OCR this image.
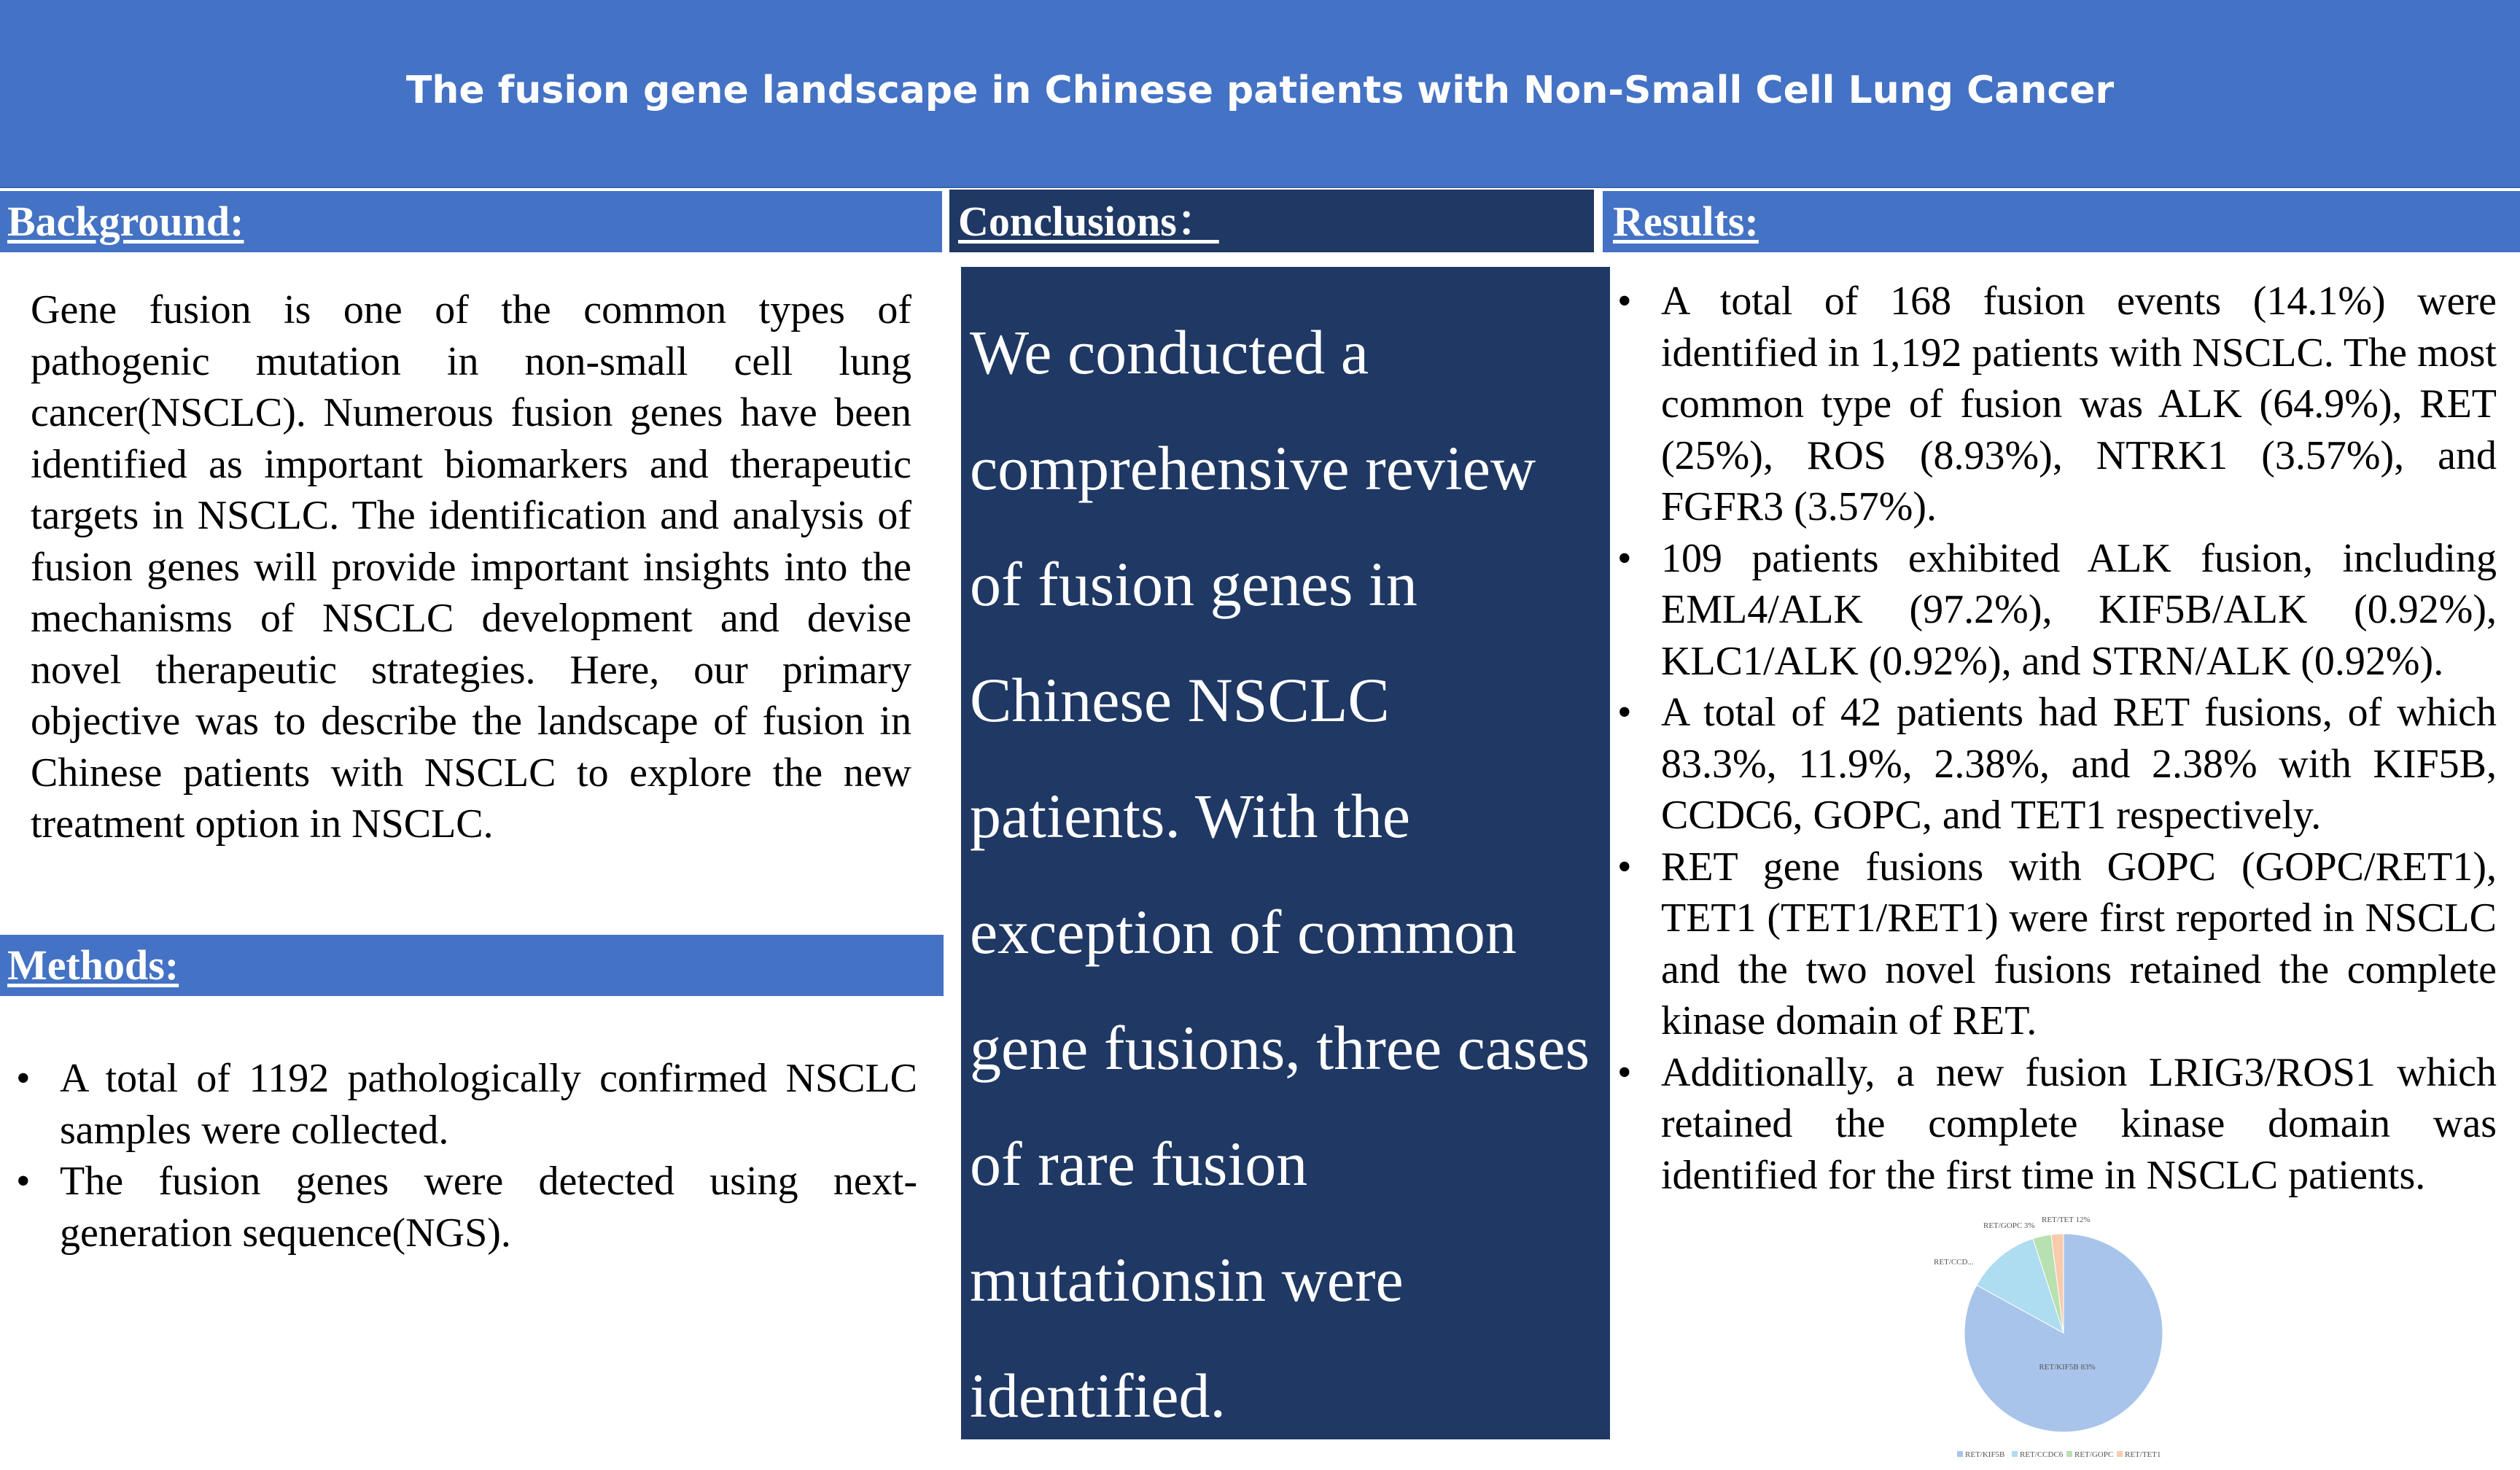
The fusion gene landscape in Chinese patients with Non-Small Cell Lung Cancer
Background:	Conclusions：	Results:

Gene fusion is one of the common types of pathogenic mutation in non-small cell lung cancer(NSCLC). Numerous fusion genes have been identified as important biomarkers and therapeutic targets in NSCLC. The identification and analysis of fusion genes will provide important insights into the mechanisms of NSCLC development and devise novel therapeutic strategies. Here, our primary objective was to describe the landscape of fusion in Chinese patients with NSCLC to explore the new treatment option in NSCLC.

Methods:
• A total of 1192 pathologically confirmed NSCLC samples were collected.
• The fusion genes were detected using next-generation sequence(NGS).

We conducted a comprehensive review of fusion genes in Chinese NSCLC patients. With the exception of common gene fusions, three cases of rare fusion mutationsin were identified.

• A total of 168 fusion events (14.1%) were identified in 1,192 patients with NSCLC. The most common type of fusion was ALK (64.9%), RET (25%), ROS (8.93%), NTRK1 (3.57%), and FGFR3 (3.57%).
• 109 patients exhibited ALK fusion, including EML4/ALK (97.2%), KIF5B/ALK (0.92%), KLC1/ALK (0.92%), and STRN/ALK (0.92%).
• A total of 42 patients had RET fusions, of which 83.3%, 11.9%, 2.38%, and 2.38% with KIF5B, CCDC6, GOPC, and TET1 respectively.
• RET gene fusions with GOPC (GOPC/RET1), TET1 (TET1/RET1) were first reported in NSCLC and the two novel fusions retained the complete kinase domain of RET.
• Additionally, a new fusion LRIG3/ROS1 which retained the complete kinase domain was identified for the first time in NSCLC patients.
RET/KIF5B 83%
RET/CCD...
RET/GOPC 3%
RET/TET 12%
RET/KIF5B RET/CCDC6 RET/GOPC RET/TET1
